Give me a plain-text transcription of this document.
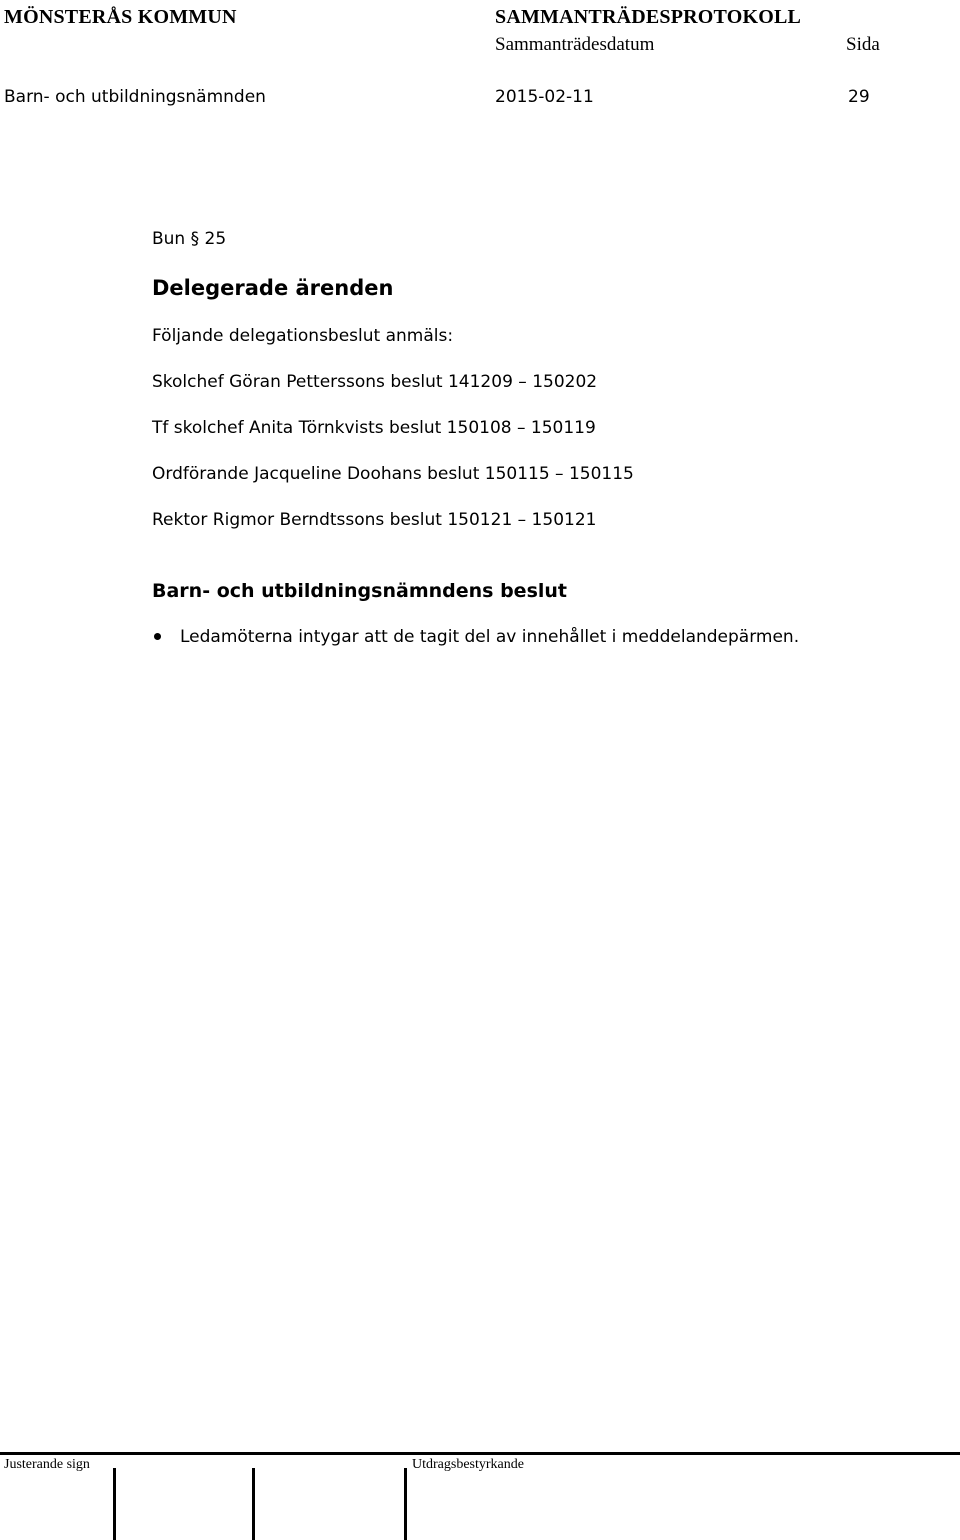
MÖNSTERÅS KOMMUN	SAMMANTRÄDESPROTOKOLL
Sammanträdesdatum	Sida
Barn- och utbildningsnämnden	2015-02-11	29
Bun § 25
Delegerade ärenden
Följande delegationsbeslut anmäls:
Skolchef Göran Petterssons beslut 141209 – 150202
Tf skolchef Anita Törnkvists beslut 150108 – 150119
Ordförande Jacqueline Doohans beslut 150115 – 150115
Rektor Rigmor Berndtssons beslut 150121 – 150121
Barn- och utbildningsnämndens beslut
Ledamöterna intygar att de tagit del av innehållet i meddelandepärmen.
Justerande sign	Utdragsbestyrkande
